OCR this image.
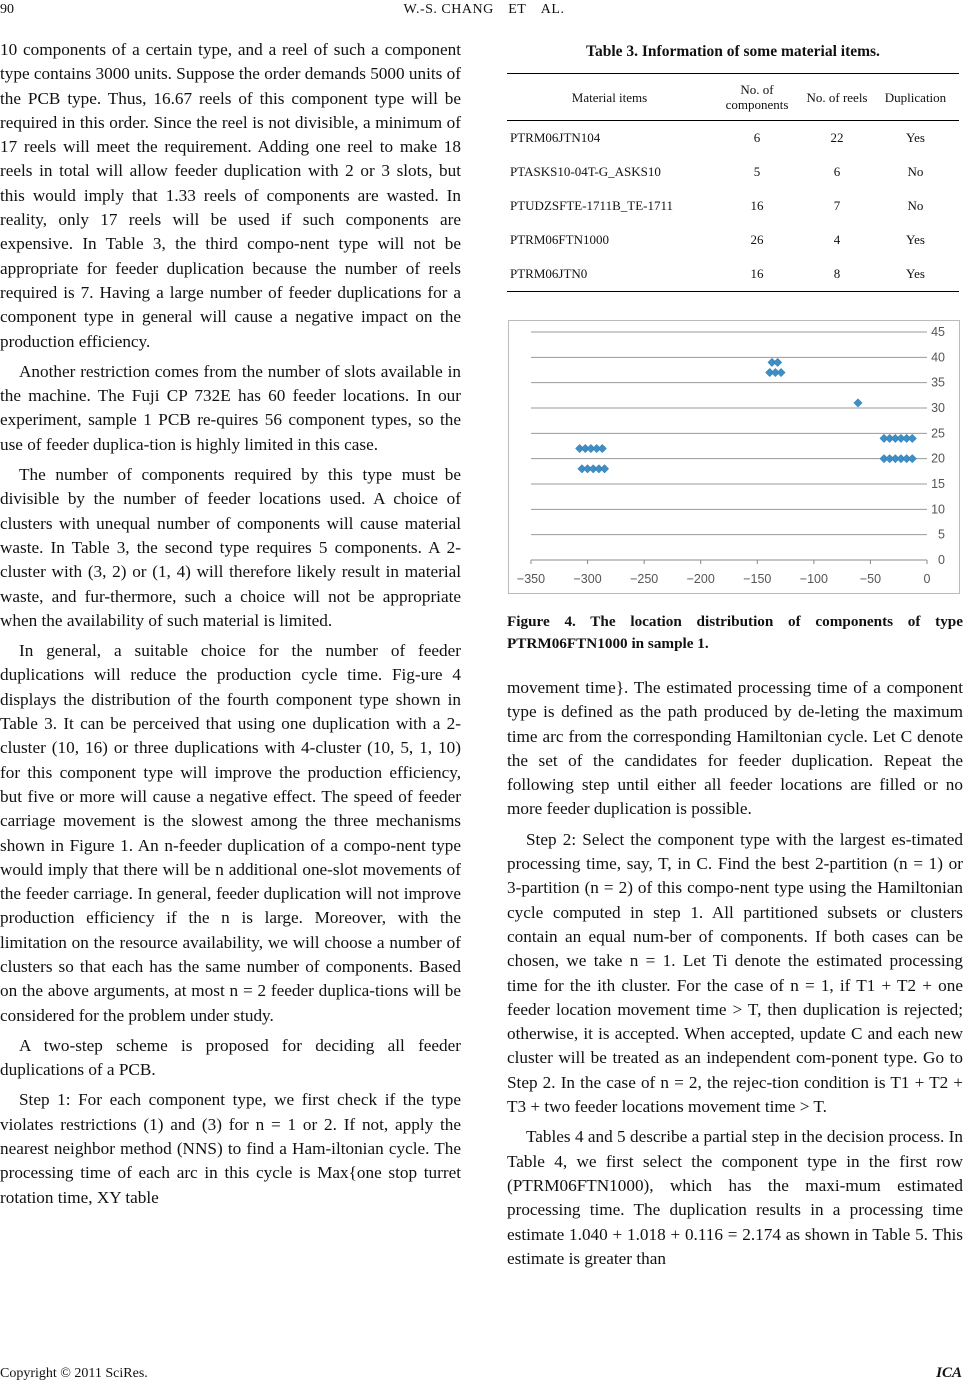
90	W.-S. CHANG ET AL.

10 components of a certain type, and a reel of such a component type contains 3000 units. Suppose the order demands 5000 units of the PCB type. Thus, 16.67 reels of this component type will be required in this order. Since the reel is not divisible, a minimum of 17 reels will meet the requirement. Adding one reel to make 18 reels in total will allow feeder duplication with 2 or 3 slots, but this would imply that 1.33 reels of components are wasted. In reality, only 17 reels will be used if such components are expensive. In Table 3, the third compo-nent type will not be appropriate for feeder duplication because the number of reels required is 7. Having a large number of feeder duplications for a component type in general will cause a negative impact on the production efficiency.

Another restriction comes from the number of slots available in the machine. The Fuji CP 732E has 60 feeder locations. In our experiment, sample 1 PCB re-quires 56 component types, so the use of feeder duplica-tion is highly limited in this case.

The number of components required by this type must be divisible by the number of feeder locations used. A choice of clusters with unequal number of components will cause material waste. In Table 3, the second type requires 5 components. A 2-cluster with (3, 2) or (1, 4) will therefore likely result in material waste, and fur-thermore, such a choice will not be appropriate when the availability of such material is limited.

In general, a suitable choice for the number of feeder duplications will reduce the production cycle time. Fig-ure 4 displays the distribution of the fourth component type shown in Table 3. It can be perceived that using one duplication with a 2-cluster (10, 16) or three duplications with 4-cluster (10, 5, 1, 10) for this component type will improve the production efficiency, but five or more will cause a negative effect. The speed of feeder carriage movement is the slowest among the three mechanisms shown in Figure 1. An n-feeder duplication of a compo-nent type would imply that there will be n additional one-slot movements of the feeder carriage. In general, feeder duplication will not improve production efficiency if the n is large. Moreover, with the limitation on the resource availability, we will choose a number of clusters so that each has the same number of components. Based on the above arguments, at most n = 2 feeder duplica-tions will be considered for the problem under study.

A two-step scheme is proposed for deciding all feeder duplications of a PCB.

Step 1: For each component type, we first check if the type violates restrictions (1) and (3) for n = 1 or 2. If not, apply the nearest neighbor method (NNS) to find a Ham-iltonian cycle. The processing time of each arc in this cycle is Max{one stop turret rotation time, XY table

Table 3. Information of some material items.
Material items	No. of components	No. of reels	Duplication
PTRM06JTN104	6	22	Yes
PTASKS10-04T-G_ASKS10	5	6	No
PTUDZSFTE-1711B_TE-1711	16	7	No
PTRM06FTN1000	26	4	Yes
PTRM06JTN0	16	8	Yes
0
5
10
15
20
25
30
35
40
45
−350 −300 −250 −200 −150 −100	−50	0
Figure 4. The location distribution of components of type PTRM06FTN1000 in sample 1.

movement time}. The estimated processing time of a component type is defined as the path produced by de-leting the maximum time arc from the corresponding Hamiltonian cycle. Let C denote the set of the candidates for feeder duplication. Repeat the following step until either all feeder locations are filled or no more feeder duplication is possible.

Step 2: Select the component type with the largest es-timated processing time, say, T, in C. Find the best 2-partition (n = 1) or 3-partition (n = 2) of this compo-nent type using the Hamiltonian cycle computed in step 1. All partitioned subsets or clusters contain an equal num-ber of components. If both cases can be chosen, we take n = 1. Let Ti denote the estimated processing time for the ith cluster. For the case of n = 1, if T1 + T2 + one feeder location movement time > T, then duplication is rejected; otherwise, it is accepted. When accepted, update C and each new cluster will be treated as an independent com-ponent type. Go to Step 2. In the case of n = 2, the rejec-tion condition is T1 + T2 + T3 + two feeder locations movement time > T.

Tables 4 and 5 describe a partial step in the decision process. In Table 4, we first select the component type in the first row (PTRM06FTN1000), which has the maxi-mum estimated processing time. The duplication results in a processing time estimate 1.040 + 1.018 + 0.116 = 2.174 as shown in Table 5. This estimate is greater than

Copyright © 2011 SciRes.	ICA
